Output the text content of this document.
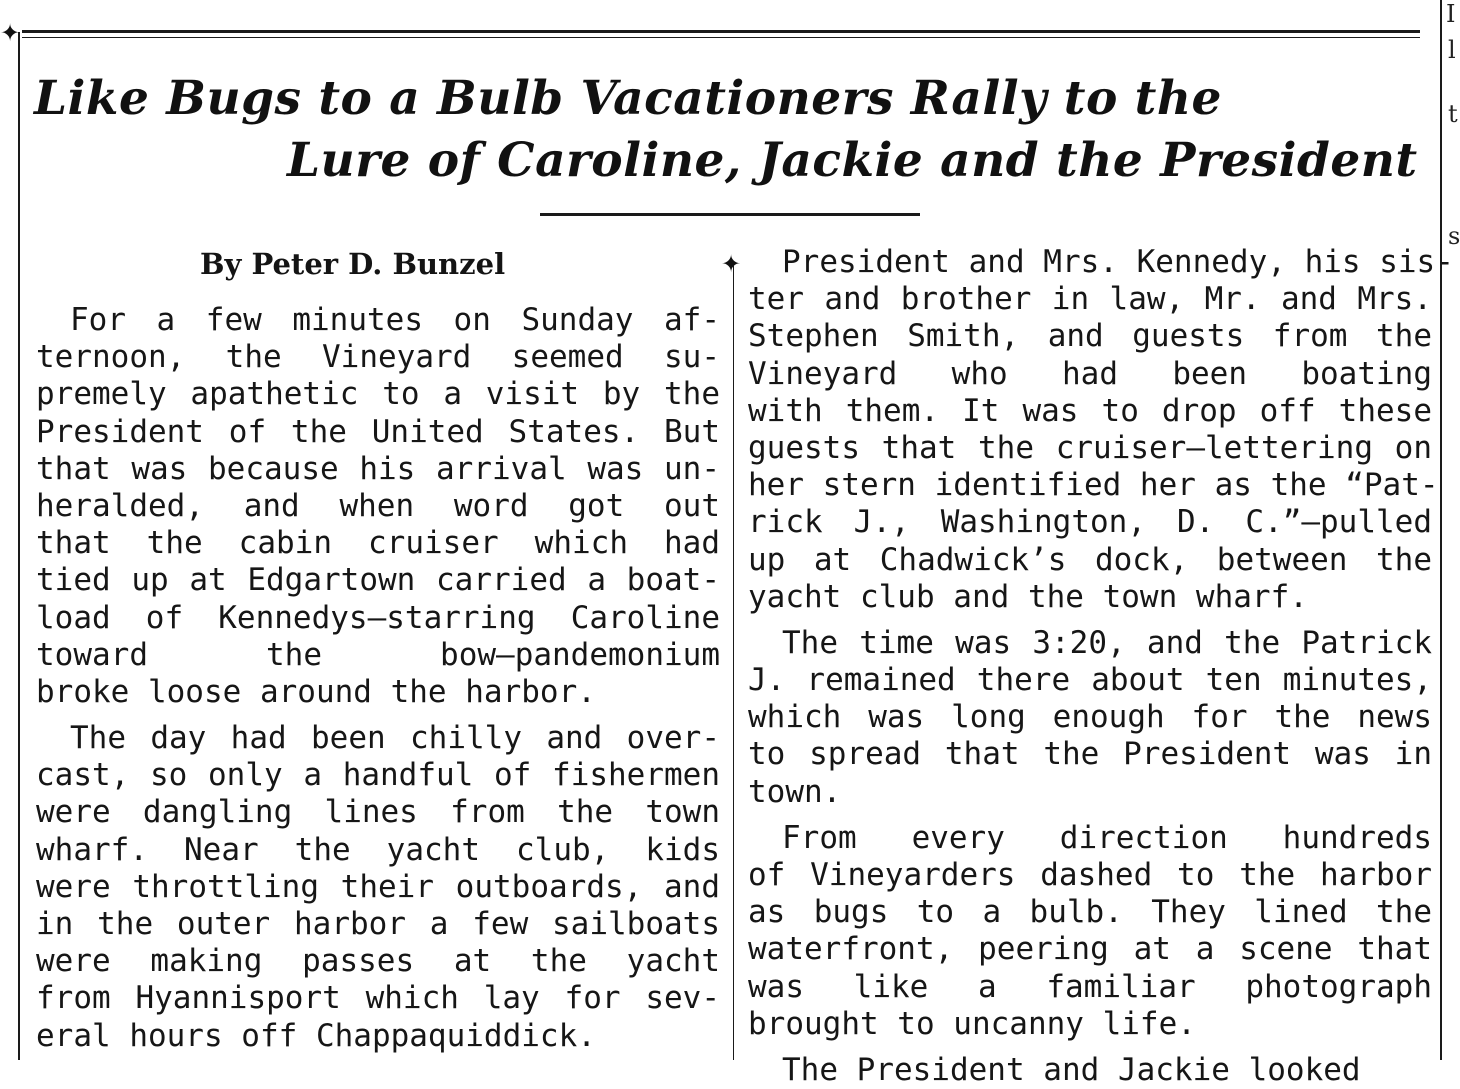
✦
Like Bugs to a Bulb Vacationers Rally to the
Lure of Caroline, Jackie and the President
By Peter D. Bunzel	✦
For a few minutes on Sunday af-
ternoon, the Vineyard seemed su-
premely apathetic to a visit by the
President of the United States. But
that was because his arrival was un-
heralded, and when word got out
that the cabin cruiser which had
tied up at Edgartown carried a boat-
load of Kennedys—starring Caroline
toward the bow—pandemonium
broke loose around the harbor.
The day had been chilly and over-
cast, so only a handful of fishermen
were dangling lines from the town
wharf. Near the yacht club, kids
were throttling their outboards, and
in the outer harbor a few sailboats
were making passes at the yacht
from Hyannisport which lay for sev-
eral hours off Chappaquiddick.
President and Mrs. Kennedy, his sis-
ter and brother in law, Mr. and Mrs.
Stephen Smith, and guests from the
Vineyard who had been boating
with them. It was to drop off these
guests that the cruiser—lettering on
her stern identified her as the “Pat-
rick J., Washington, D. C.”—pulled
up at Chadwick’s dock, between the
yacht club and the town wharf.
The time was 3:20, and the Patrick
J. remained there about ten minutes,
which was long enough for the news
to spread that the President was in
town.
From every direction hundreds
of Vineyarders dashed to the harbor
as bugs to a bulb. They lined the
waterfront, peering at a scene that
was like a familiar photograph
brought to uncanny life.
The President and Jackie looked
I
l
t
s
